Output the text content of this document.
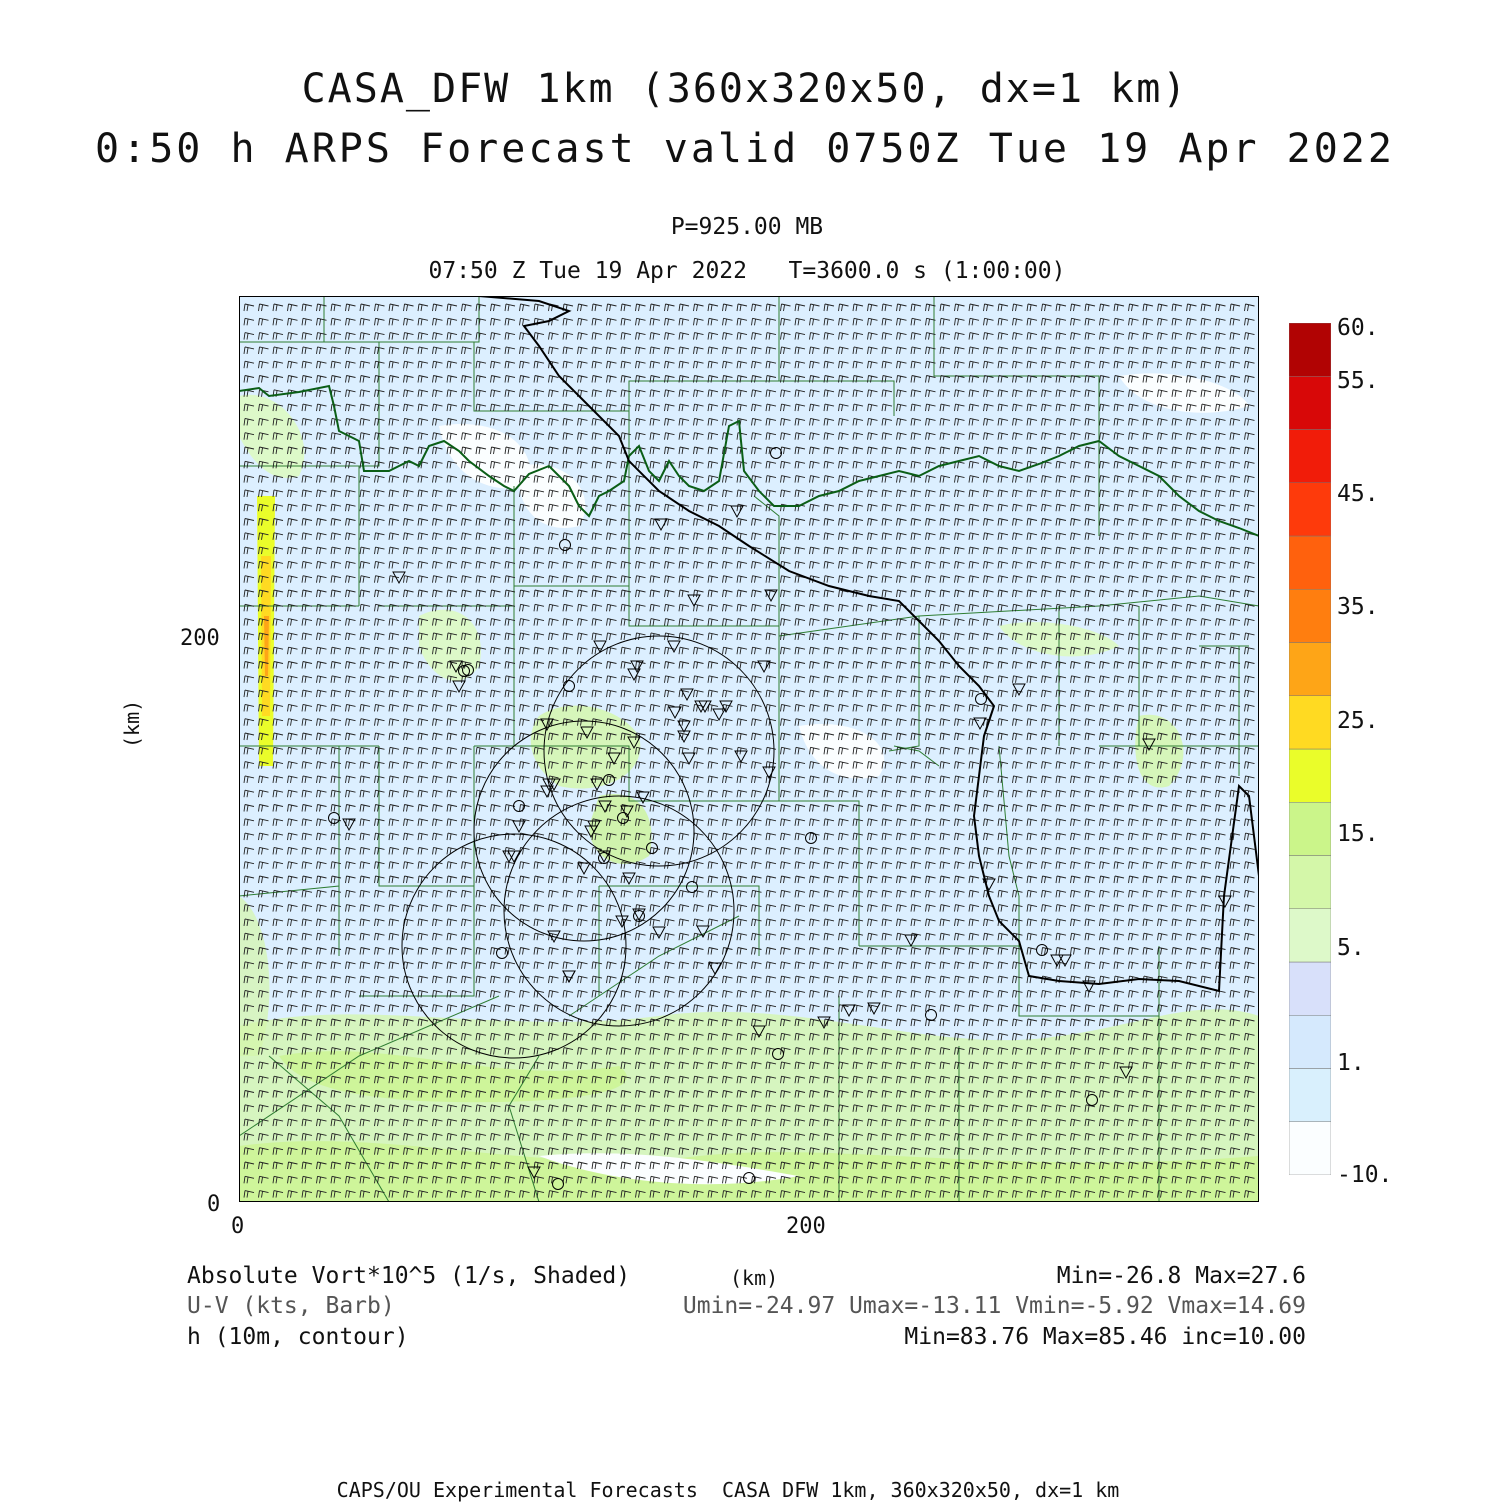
CASA_DFW 1km (360x320x50, dx=1 km)
0:50 h ARPS Forecast valid 0750Z Tue 19 Apr 2022
P=925.00 MB
07:50 Z Tue 19 Apr 2022   T=3600.0 s (1:00:00)
200
0
0	200
(km)
60.
55.
45.
35.
25.
15.
5.
1.
-10.
Absolute Vort*10^5 (1/s, Shaded)	(km)	Min=-26.8 Max=27.6
U-V (kts, Barb)	Umin=-24.97 Umax=-13.11 Vmin=-5.92 Vmax=14.69
h (10m, contour)	Min=83.76 Max=85.46 inc=10.00
CAPS/OU Experimental Forecasts  CASA DFW 1km, 360x320x50, dx=1 km
